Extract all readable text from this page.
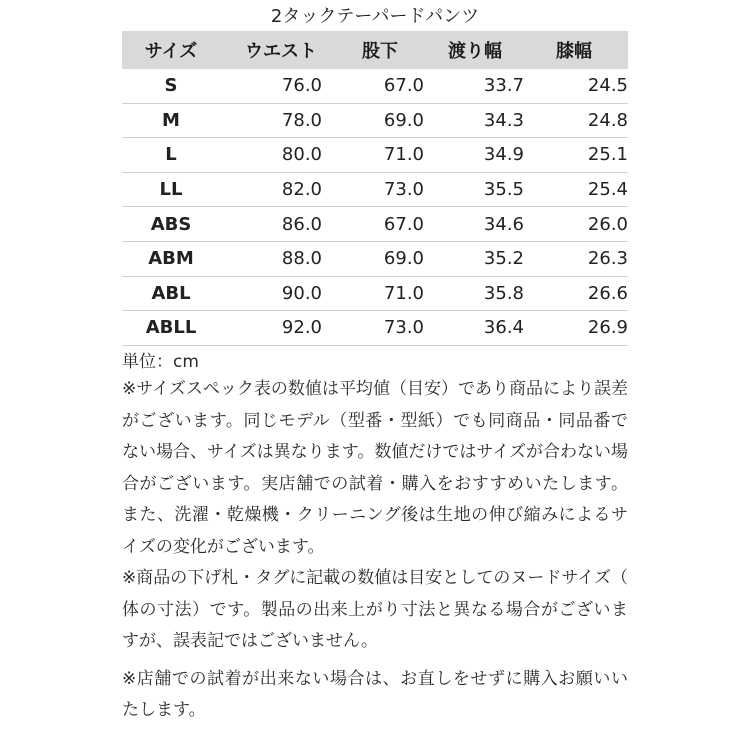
2タックテーパードパンツ
サイズ	ウエスト	股下	渡り幅	膝幅
S	76.0	67.0	33.7	24.5
M	78.0	69.0	34.3	24.8
L	80.0	71.0	34.9	25.1
LL	82.0	73.0	35.5	25.4
ABS	86.0	67.0	34.6	26.0
ABM	88.0	69.0	35.2	26.3
ABL	90.0	71.0	35.8	26.6
ABLL	92.0	73.0	36.4	26.9
単位：cm
※サイズスペック表の数値は平均値（目安）であり商品により誤差がございます。同じモデル（型番・型紙）でも同商品・同品番でない場合、サイズは異なります。数値だけではサイズが合わない場合がございます。実店舗での試着・購入をおすすめいたします。また、洗濯・乾燥機・クリーニング後は生地の伸び縮みによるサイズの変化がございます。
※商品の下げ札・タグに記載の数値は目安としてのヌードサイズ（体の寸法）です。製品の出来上がり寸法と異なる場合がございますが、誤表記ではございません。
※店舗での試着が出来ない場合は、お直しをせずに購入お願いいたします。
